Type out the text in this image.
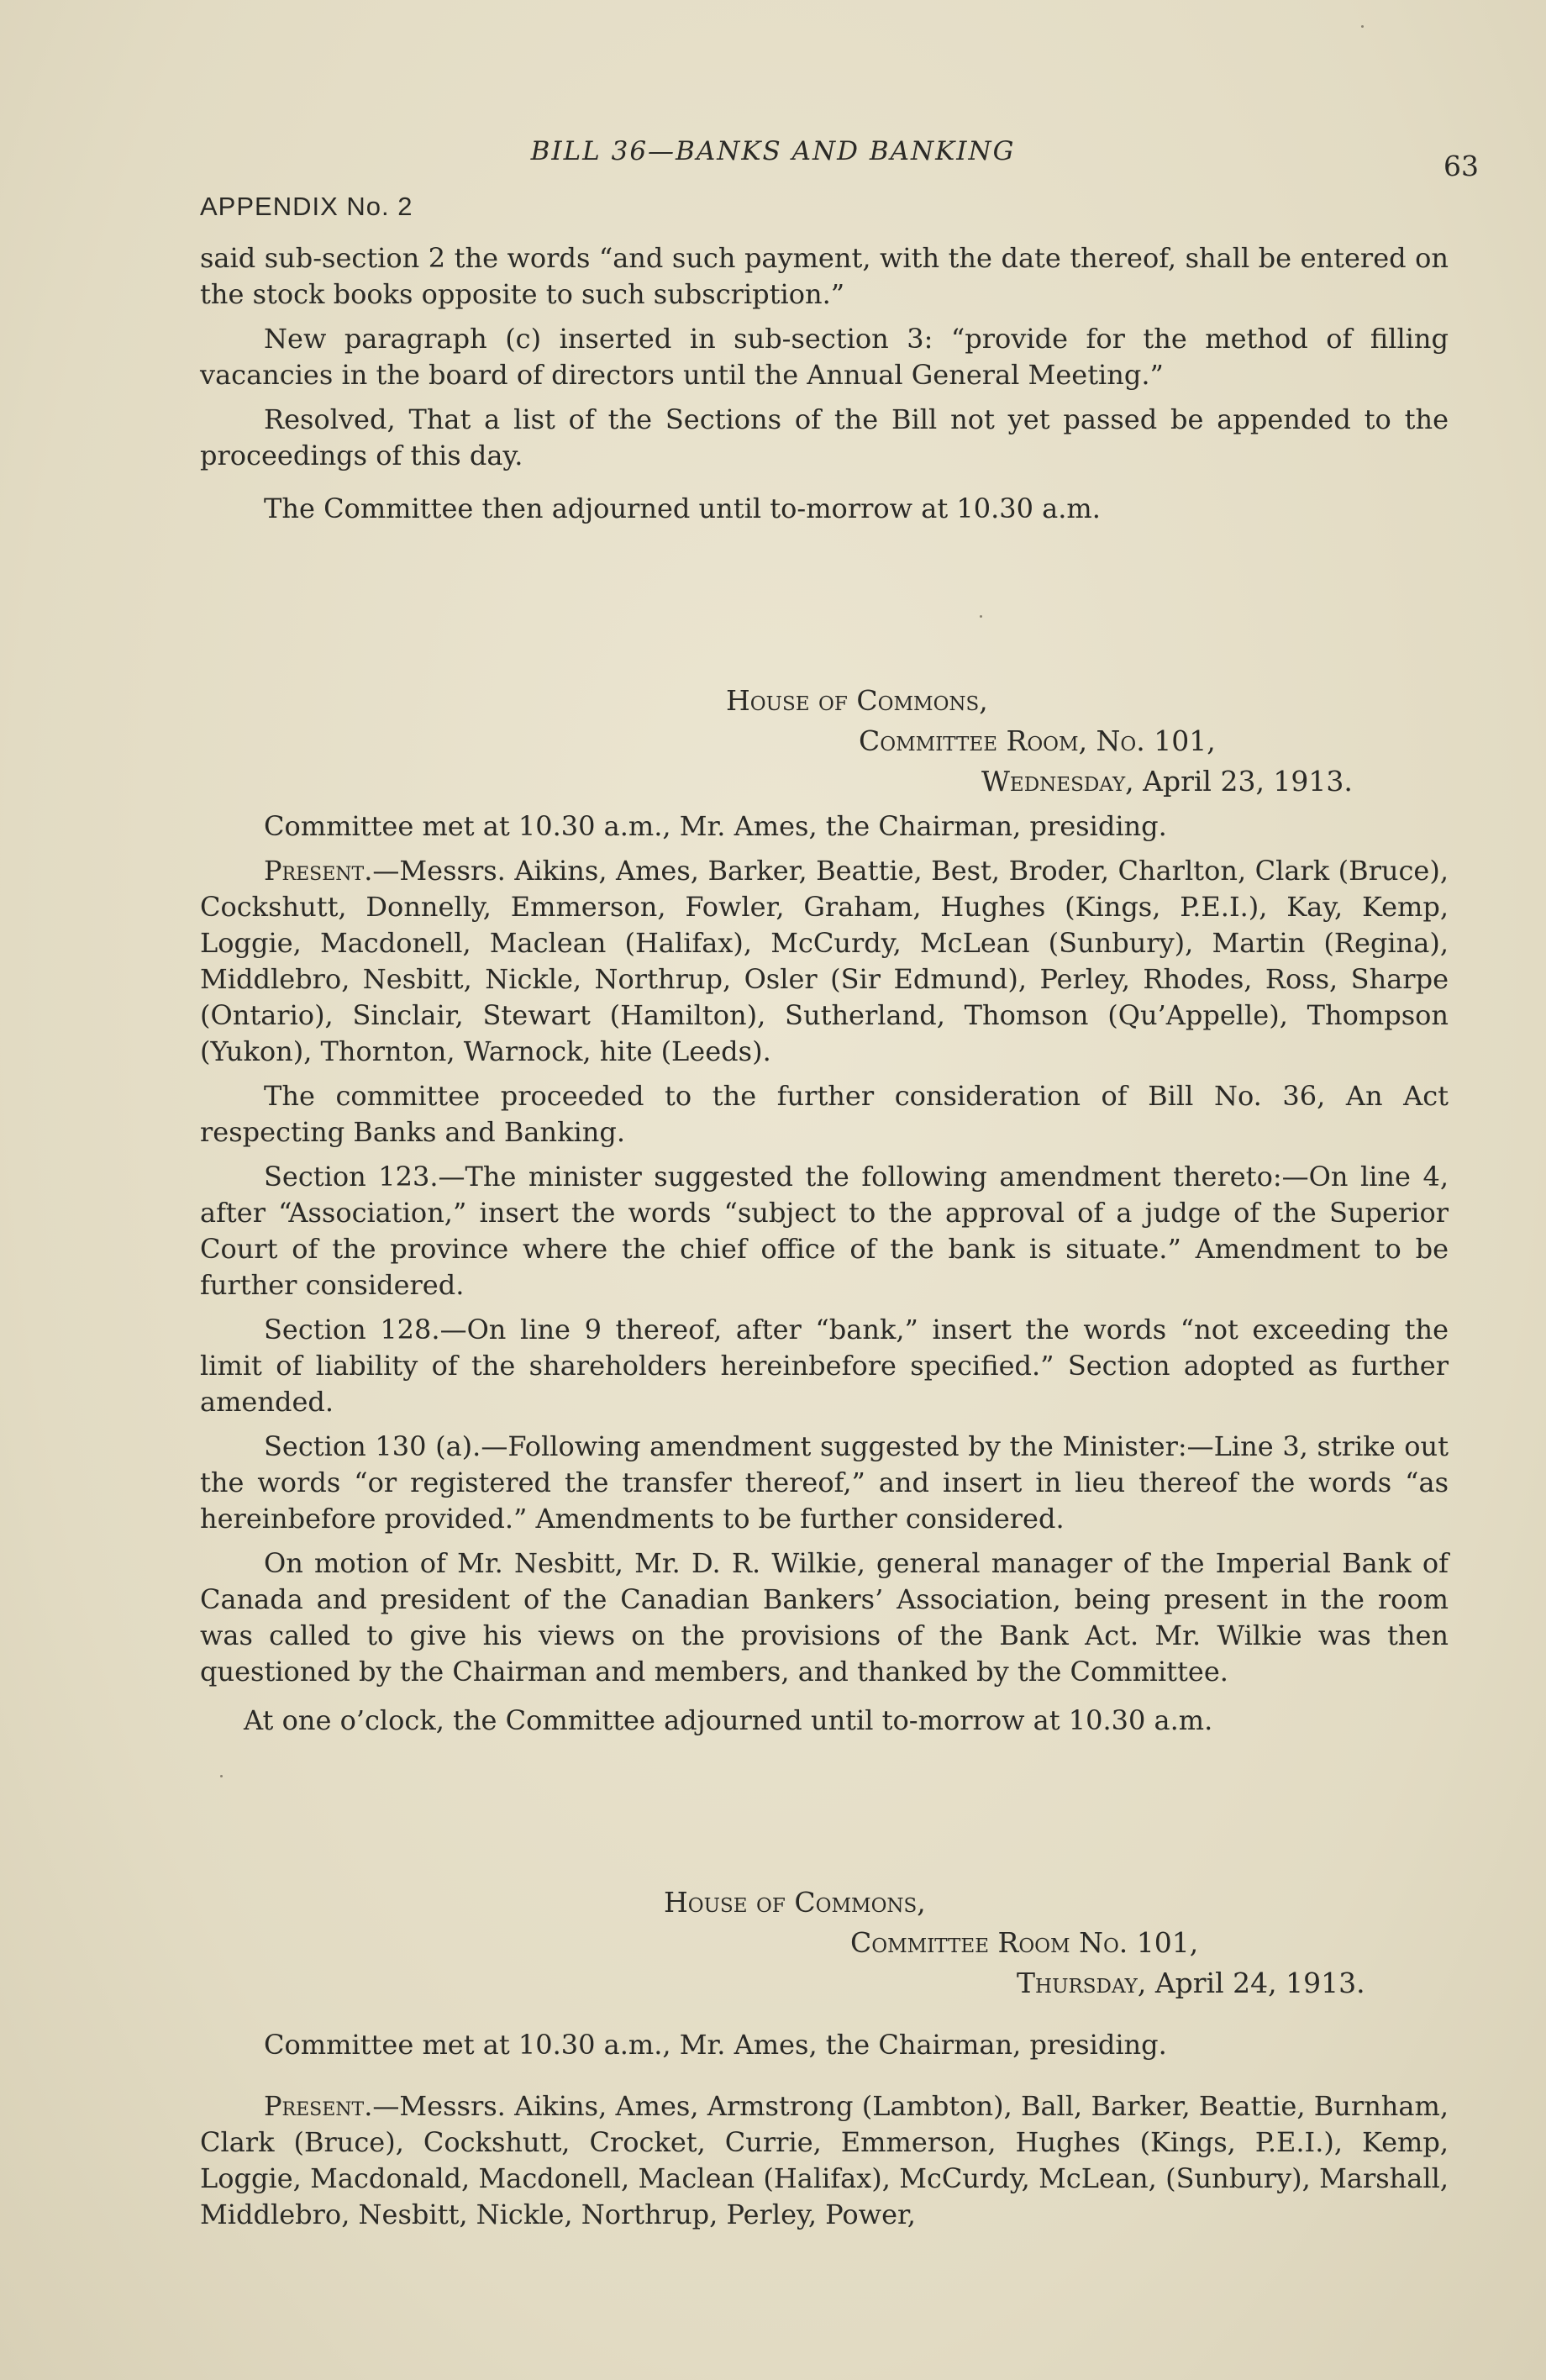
BILL 36—BANKS AND BANKING	63
APPENDIX No. 2

said sub-section 2 the words “and such payment, with the date thereof, shall be entered on the stock books opposite to such subscription.”

New paragraph (c) inserted in sub-section 3: “provide for the method of filling vacancies in the board of directors until the Annual General Meeting.”

Resolved, That a list of the Sections of the Bill not yet passed be appended to the proceedings of this day.

The Committee then adjourned until to-morrow at 10.30 a.m.
House of Commons,
Committee Room, No. 101,
Wednesday, April 23, 1913.

Committee met at 10.30 a.m., Mr. Ames, the Chairman, presiding.

Present.—Messrs. Aikins, Ames, Barker, Beattie, Best, Broder, Charlton, Clark (Bruce), Cockshutt, Donnelly, Emmerson, Fowler, Graham, Hughes (Kings, P.E.I.), Kay, Kemp, Loggie, Macdonell, Maclean (Halifax), McCurdy, McLean (Sunbury), Martin (Regina), Middlebro, Nesbitt, Nickle, Northrup, Osler (Sir Edmund), Perley, Rhodes, Ross, Sharpe (Ontario), Sinclair, Stewart (Hamilton), Sutherland, Thomson (Qu’Appelle), Thompson (Yukon), Thornton, Warnock, hite (Leeds).

The committee proceeded to the further consideration of Bill No. 36, An Act respecting Banks and Banking.

Section 123.—The minister suggested the following amendment thereto:—On line 4, after “Association,” insert the words “subject to the approval of a judge of the Superior Court of the province where the chief office of the bank is situate.” Amendment to be further considered.

Section 128.—On line 9 thereof, after “bank,” insert the words “not exceeding the limit of liability of the shareholders hereinbefore specified.” Section adopted as further amended.

Section 130 (a).—Following amendment suggested by the Minister:—Line 3, strike out the words “or registered the transfer thereof,” and insert in lieu thereof the words “as hereinbefore provided.” Amendments to be further considered.

On motion of Mr. Nesbitt, Mr. D. R. Wilkie, general manager of the Imperial Bank of Canada and president of the Canadian Bankers’ Association, being present in the room was called to give his views on the provisions of the Bank Act. Mr. Wilkie was then questioned by the Chairman and members, and thanked by the Committee.

At one o’clock, the Committee adjourned until to-morrow at 10.30 a.m.
House of Commons,
Committee Room No. 101,
Thursday, April 24, 1913.

Committee met at 10.30 a.m., Mr. Ames, the Chairman, presiding.

Present.—Messrs. Aikins, Ames, Armstrong (Lambton), Ball, Barker, Beattie, Burnham, Clark (Bruce), Cockshutt, Crocket, Currie, Emmerson, Hughes (Kings, P.E.I.), Kemp, Loggie, Macdonald, Macdonell, Maclean (Halifax), McCurdy, McLean, (Sunbury), Marshall, Middlebro, Nesbitt, Nickle, Northrup, Perley, Power,
